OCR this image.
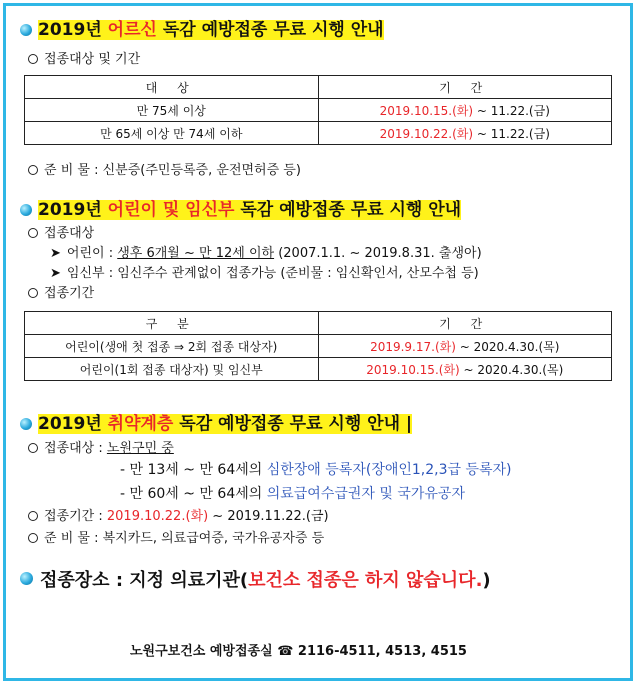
2019년 어르신 독감 예방접종 무료 시행 안내
접종대상 및 기간
대 상	기 간
만 75세 이상	2019.10.15.(화) ~ 11.22.(금)
만 65세 이상 만 74세 이하	2019.10.22.(화) ~ 11.22.(금)
준 비 물 : 신분증(주민등록증, 운전면허증 등)
2019년 어린이 및 임신부 독감 예방접종 무료 시행 안내
접종대상
➤ 어린이 : 생후 6개월 ~ 만 12세 이하 (2007.1.1. ~ 2019.8.31. 출생아)
➤ 임신부 : 임신주수 관계없이 접종가능 (준비물 : 임신확인서, 산모수첩 등)
접종기간
구 분	기 간
어린이(생애 첫 접종 ⇒ 2회 접종 대상자)	2019.9.17.(화) ~ 2020.4.30.(목)
어린이(1회 접종 대상자) 및 임신부	2019.10.15.(화) ~ 2020.4.30.(목)
2019년 취약계층 독감 예방접종 무료 시행 안내 |
접종대상 : 노원구민 중
- 만 13세 ~ 만 64세의 심한장애 등록자(장애인1,2,3급 등록자)
- 만 60세 ~ 만 64세의 의료급여수급권자 및 국가유공자
접종기간 : 2019.10.22.(화) ~ 2019.11.22.(금)
준 비 물 : 복지카드, 의료급여증, 국가유공자증 등
접종장소 : 지정 의료기관(보건소 접종은 하지 않습니다.)
노원구보건소 예방접종실 ☎ 2116-4511, 4513, 4515
